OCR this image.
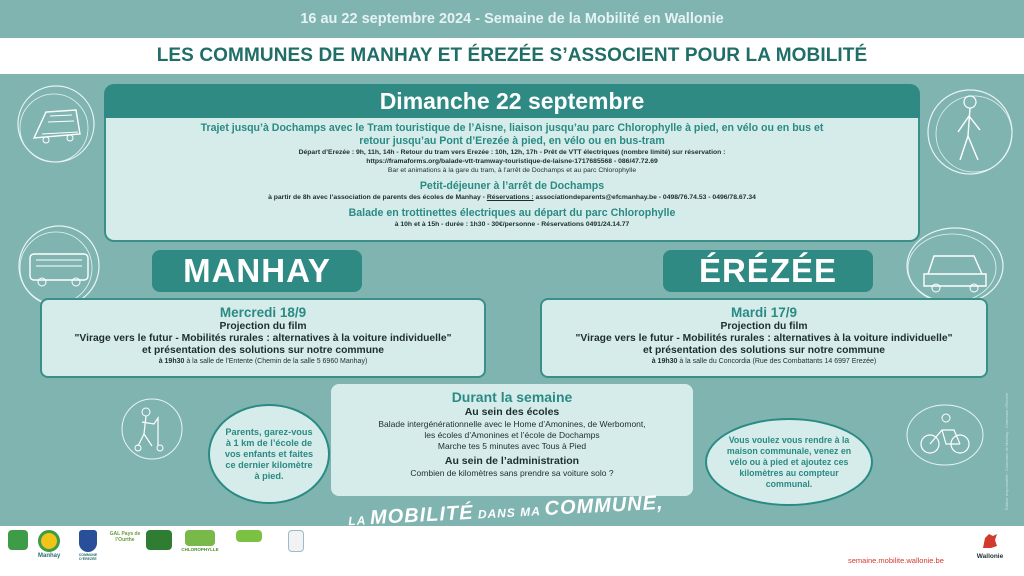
16 au 22 septembre 2024 - Semaine de la Mobilité en Wallonie
LES COMMUNES DE MANHAY ET ÉREZÉE S’ASSOCIENT POUR LA MOBILITÉ
Dimanche 22 septembre
Trajet jusqu’à Dochamps avec le Tram touristique de l’Aisne, liaison jusqu’au parc Chlorophylle à pied, en vélo ou en bus et
retour jusqu’au Pont d’Erezée à pied, en vélo ou en bus-tram
Départ d’Erezée : 9h, 11h, 14h - Retour du tram vers Erezée : 10h, 12h, 17h - Prêt de VTT électriques (nombre limité) sur réservation :
https://framaforms.org/balade-vtt-tramway-touristique-de-laisne-1717685568 - 086/47.72.69
Bar et animations à la gare du tram, à l’arrêt de Dochamps et au parc Chlorophylle
Petit-déjeuner à l’arrêt de Dochamps
à partir de 8h avec l’association de parents des écoles de Manhay - Réservations : associationdeparents@efcmanhay.be - 0498/76.74.53 - 0496/78.67.34
Balade en trottinettes électriques au départ du parc Chlorophylle
à 10h et à 15h - durée : 1h30 - 30€/personne - Réservations 0491/24.14.77
MANHAY
Mercredi 18/9
Projection du film
"Virage vers le futur - Mobilités rurales : alternatives à la voiture individuelle"
et présentation des solutions sur notre commune
à 19h30 à la salle de l’Entente (Chemin de la salle 5 6960 Manhay)
ÉRÉZÉE
Mardi 17/9
Projection du film
"Virage vers le futur - Mobilités rurales : alternatives à la voiture individuelle"
et présentation des solutions sur notre commune
à 19h30 à la salle du Concordia (Rue des Combattants 14 6997 Erezée)
Durant la semaine
Au sein des écoles
Balade intergénérationnelle avec le Home d’Amonines, de Werbomont,
les écoles d’Amonines et l’école de Dochamps
Marche tes 5 minutes avec Tous à Pied
Au sein de l’administration
Combien de kilomètres sans prendre sa voiture solo ?
Parents, garez-vous à 1 km de l’école de vos enfants et faites ce dernier kilomètre à pied.
Vous voulez vous rendre à la maison communale, venez en vélo ou à pied et ajoutez ces kilomètres au compteur communal.

Manhay	COMMUNE D’ÉREZÉE
GAL Pays de l’Ourthe
CHLOROPHYLLE
LA MOBILITÉ DANS MA COMMUNE,
ÇA ME TRANSPORTE	semaine.mobilite.wallonie.be	Wallonie
Éditeur responsable : Commune de Manhay - Commune d’Erezée
